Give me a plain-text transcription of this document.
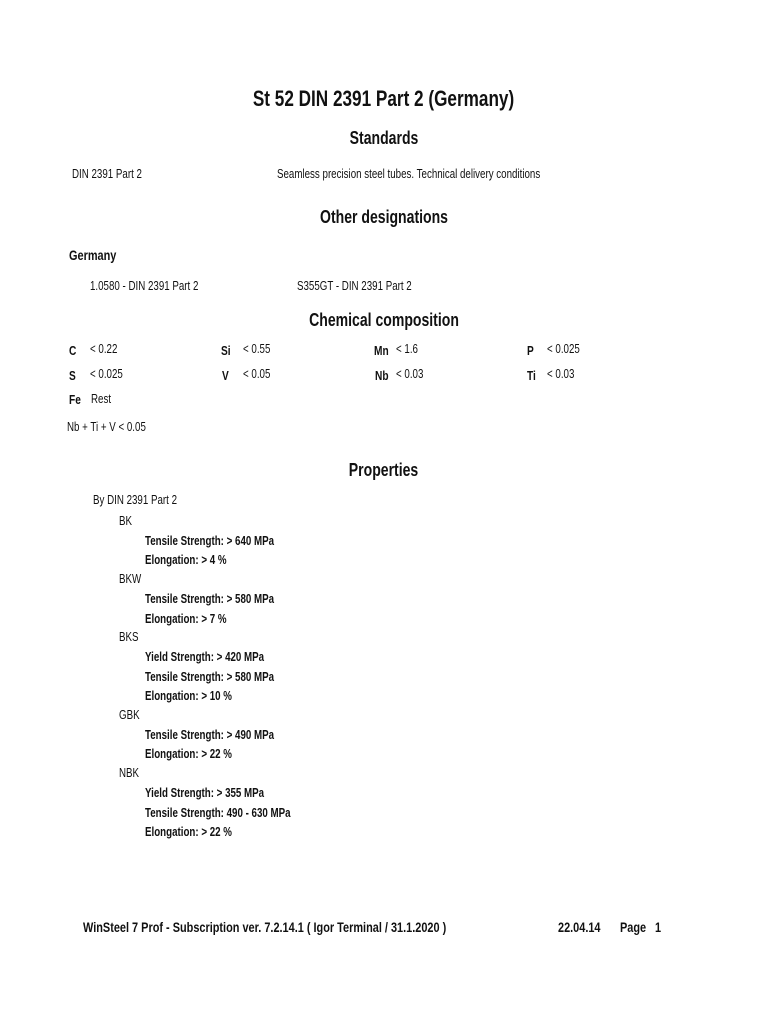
St 52 DIN 2391 Part 2 (Germany)
Standards
DIN 2391 Part 2	Seamless precision steel tubes. Technical delivery conditions
Other designations
Germany
1.0580 - DIN 2391 Part 2	S355GT - DIN 2391 Part 2
Chemical composition
C < 0.22	Si < 0.55	Mn < 1.6	P < 0.025
S < 0.025	V < 0.05	Nb < 0.03	Ti < 0.03
Fe Rest
Nb + Ti + V < 0.05
Properties
By DIN 2391 Part 2
BK
Tensile Strength: > 640 MPa
Elongation: > 4 %
BKW
Tensile Strength: > 580 MPa
Elongation: > 7 %
BKS
Yield Strength: > 420 MPa
Tensile Strength: > 580 MPa
Elongation: > 10 %
GBK
Tensile Strength: > 490 MPa
Elongation: > 22 %
NBK
Yield Strength: > 355 MPa
Tensile Strength: 490 - 630 MPa
Elongation: > 22 %
WinSteel 7 Prof - Subscription ver. 7.2.14.1 ( Igor Terminal / 31.1.2020 )	22.04.14	Page 1
